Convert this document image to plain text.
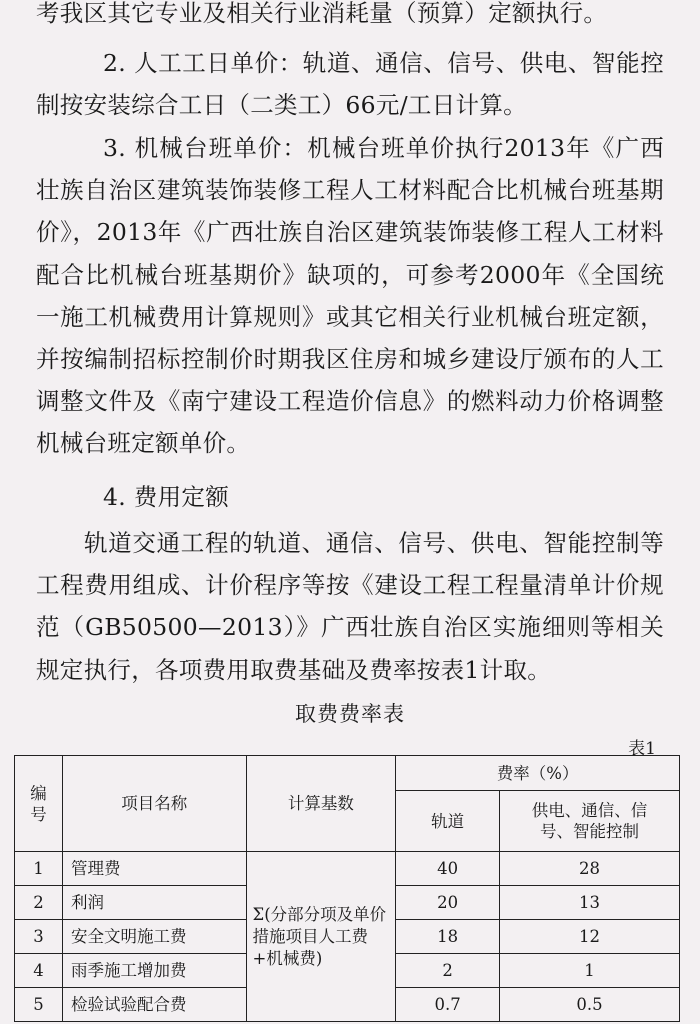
考我区其它专业及相关行业消耗量（预算）定额执行。

2. 人工工日单价：轨道、通信、信号、供电、智能控制按安装综合工日（二类工）66元/工日计算。

3. 机械台班单价：机械台班单价执行2013年《广西壮族自治区建筑装饰装修工程人工材料配合比机械台班基期价》，2013年《广西壮族自治区建筑装饰装修工程人工材料配合比机械台班基期价》缺项的，可参考2000年《全国统一施工机械费用计算规则》或其它相关行业机械台班定额，并按编制招标控制价时期我区住房和城乡建设厅颁布的人工调整文件及《南宁建设工程造价信息》的燃料动力价格调整机械台班定额单价。

4. 费用定额

轨道交通工程的轨道、通信、信号、供电、智能控制等工程费用组成、计价程序等按《建设工程工程量清单计价规范（GB50500—2013）》广西壮族自治区实施细则等相关规定执行，各项费用取费基础及费率按表1计取。

取费费率表

表1

编号	项目名称	计算基数	费率（%）	
			轨道	供电、通信、信号、智能控制
1	管理费	Σ(分部分项及单价措施项目人工费+机械费)	40	28
2	利润		20	13
3	安全文明施工费		18	12
4	雨季施工增加费		2	1
5	检验试验配合费		0.7	0.5
